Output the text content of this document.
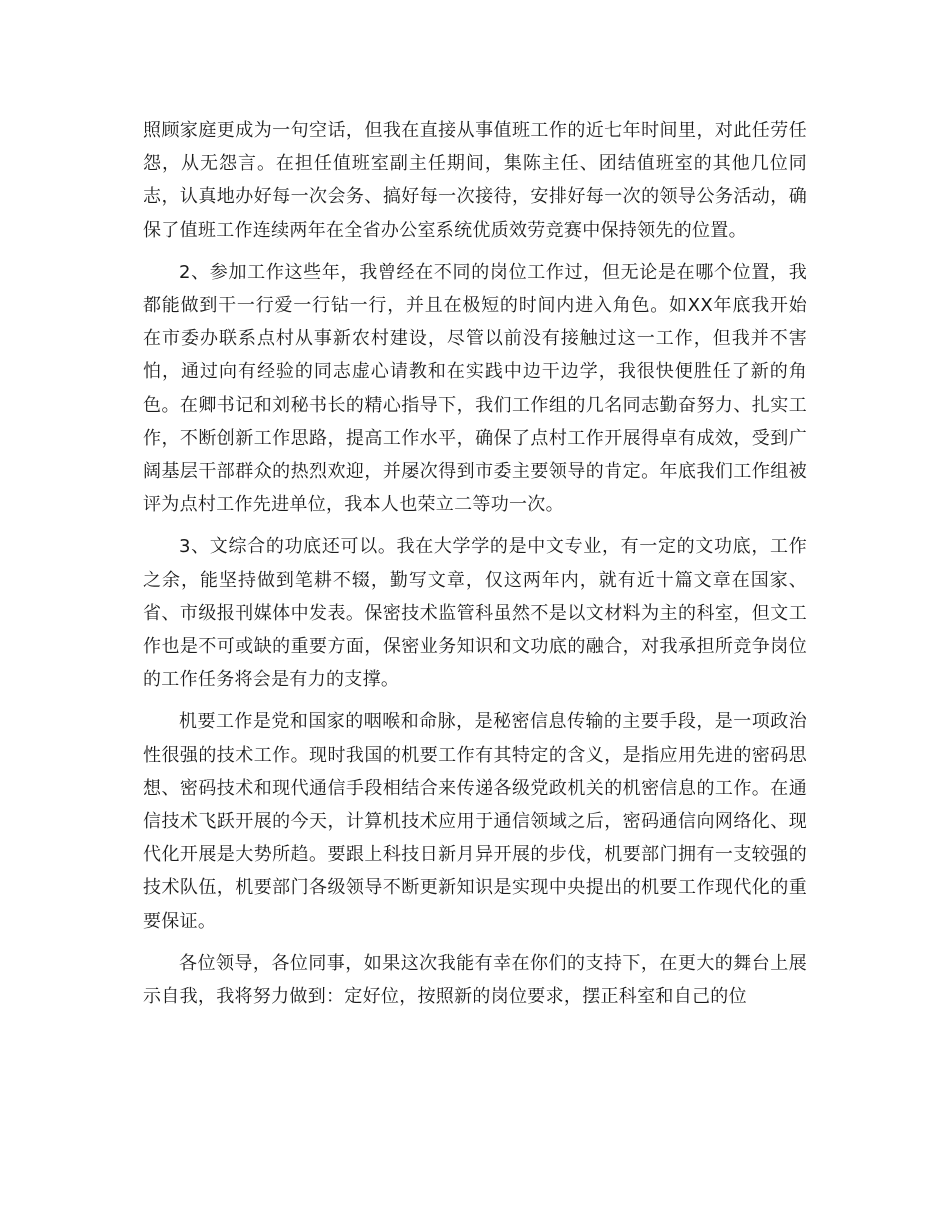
照顾家庭更成为一句空话，但我在直接从事值班工作的近七年时间里，对此任劳任怨，从无怨言。在担任值班室副主任期间，集陈主任、团结值班室的其他几位同志，认真地办好每一次会务、搞好每一次接待，安排好每一次的领导公务活动，确保了值班工作连续两年在全省办公室系统优质效劳竞赛中保持领先的位置。

2、参加工作这些年，我曾经在不同的岗位工作过，但无论是在哪个位置，我都能做到干一行爱一行钻一行，并且在极短的时间内进入角色。如XX年底我开始在市委办联系点村从事新农村建设，尽管以前没有接触过这一工作，但我并不害怕，通过向有经验的同志虚心请教和在实践中边干边学，我很快便胜任了新的角色。在卿书记和刘秘书长的精心指导下，我们工作组的几名同志勤奋努力、扎实工作，不断创新工作思路，提高工作水平，确保了点村工作开展得卓有成效，受到广阔基层干部群众的热烈欢迎，并屡次得到市委主要领导的肯定。年底我们工作组被评为点村工作先进单位，我本人也荣立二等功一次。

3、文综合的功底还可以。我在大学学的是中文专业，有一定的文功底，工作之余，能坚持做到笔耕不辍，勤写文章，仅这两年内，就有近十篇文章在国家、省、市级报刊媒体中发表。保密技术监管科虽然不是以文材料为主的科室，但文工作也是不可或缺的重要方面，保密业务知识和文功底的融合，对我承担所竞争岗位的工作任务将会是有力的支撑。

机要工作是党和国家的咽喉和命脉，是秘密信息传输的主要手段，是一项政治性很强的技术工作。现时我国的机要工作有其特定的含义，是指应用先进的密码思想、密码技术和现代通信手段相结合来传递各级党政机关的机密信息的工作。在通信技术飞跃开展的今天，计算机技术应用于通信领域之后，密码通信向网络化、现代化开展是大势所趋。要跟上科技日新月异开展的步伐，机要部门拥有一支较强的技术队伍，机要部门各级领导不断更新知识是实现中央提出的机要工作现代化的重要保证。

各位领导，各位同事，如果这次我能有幸在你们的支持下，在更大的舞台上展示自我，我将努力做到：定好位，按照新的岗位要求，摆正科室和自己的位
